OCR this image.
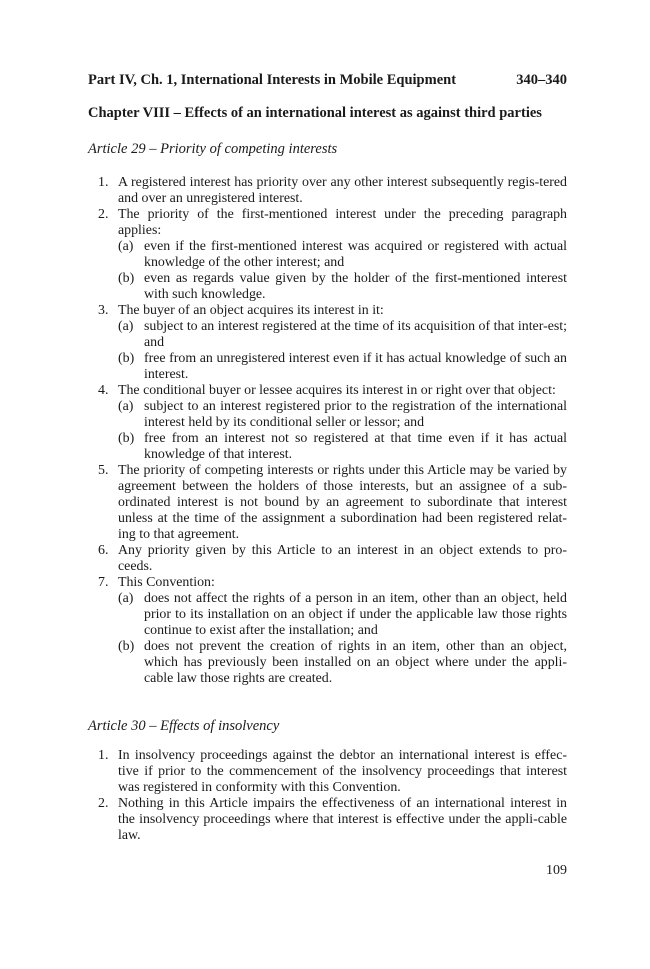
Part IV, Ch. 1, International Interests in Mobile Equipment	340–340
Chapter VIII – Effects of an international interest as against third parties
Article 29 – Priority of competing interests
1. A registered interest has priority over any other interest subsequently regis-tered and over an unregistered interest.
2. The priority of the first-mentioned interest under the preceding paragraph applies:
(a) even if the first-mentioned interest was acquired or registered with actual knowledge of the other interest; and
(b) even as regards value given by the holder of the first-mentioned interest with such knowledge.
3. The buyer of an object acquires its interest in it:
(a) subject to an interest registered at the time of its acquisition of that inter-est; and
(b) free from an unregistered interest even if it has actual knowledge of such an interest.
4. The conditional buyer or lessee acquires its interest in or right over that object:
(a) subject to an interest registered prior to the registration of the international interest held by its conditional seller or lessor; and
(b) free from an interest not so registered at that time even if it has actual knowledge of that interest.
5. The priority of competing interests or rights under this Article may be varied by agreement between the holders of those interests, but an assignee of a sub-ordinated interest is not bound by an agreement to subordinate that interest unless at the time of the assignment a subordination had been registered relat-ing to that agreement.
6. Any priority given by this Article to an interest in an object extends to pro-ceeds.
7. This Convention:
(a) does not affect the rights of a person in an item, other than an object, held prior to its installation on an object if under the applicable law those rights continue to exist after the installation; and
(b) does not prevent the creation of rights in an item, other than an object, which has previously been installed on an object where under the appli-cable law those rights are created.
Article 30 – Effects of insolvency
1. In insolvency proceedings against the debtor an international interest is effec-tive if prior to the commencement of the insolvency proceedings that interest was registered in conformity with this Convention.
2. Nothing in this Article impairs the effectiveness of an international interest in the insolvency proceedings where that interest is effective under the appli-cable law.
109
